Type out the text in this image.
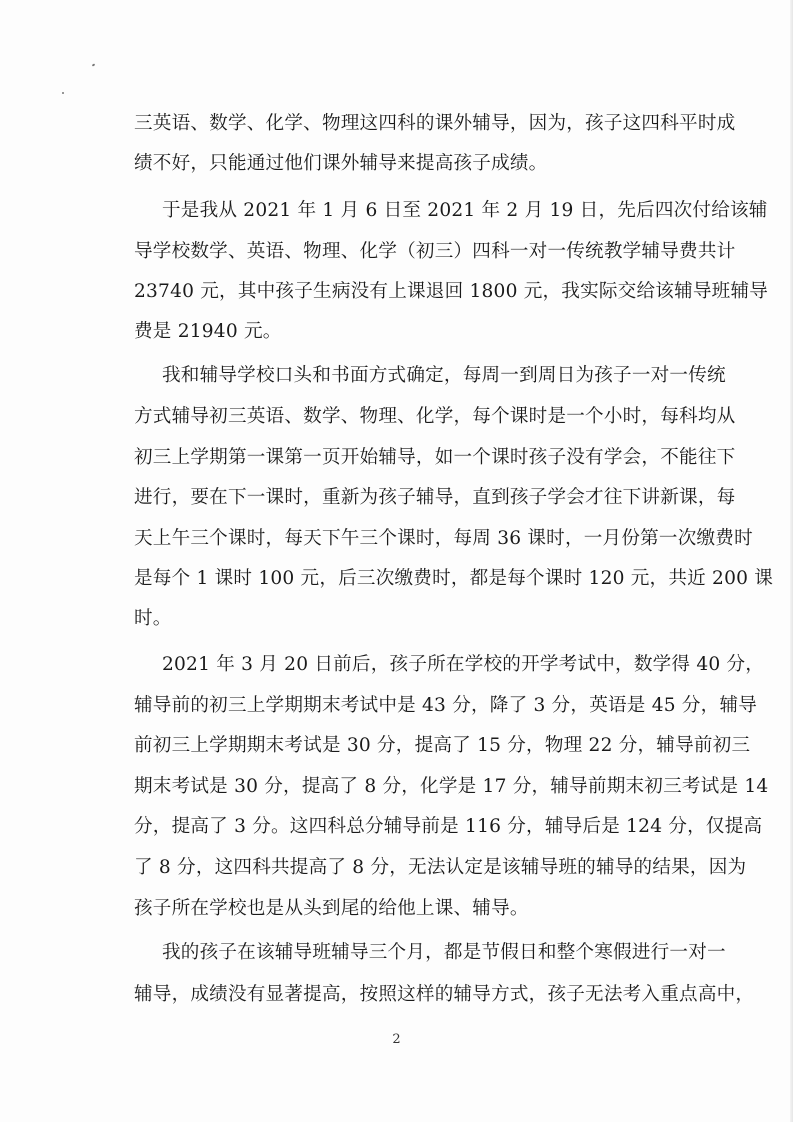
三英语、数学、化学、物理这四科的课外辅导，因为，孩子这四科平时成
绩不好，只能通过他们课外辅导来提高孩子成绩。
于是我从 2021 年 1 月 6 日至 2021 年 2 月 19 日，先后四次付给该辅
导学校数学、英语、物理、化学（初三）四科一对一传统教学辅导费共计
23740 元，其中孩子生病没有上课退回 1800 元，我实际交给该辅导班辅导
费是 21940 元。
我和辅导学校口头和书面方式确定，每周一到周日为孩子一对一传统
方式辅导初三英语、数学、物理、化学，每个课时是一个小时，每科均从
初三上学期第一课第一页开始辅导，如一个课时孩子没有学会，不能往下
进行，要在下一课时，重新为孩子辅导，直到孩子学会才往下讲新课，每
天上午三个课时，每天下午三个课时，每周 36 课时，一月份第一次缴费时
是每个 1 课时 100 元，后三次缴费时，都是每个课时 120 元，共近 200 课
时。
2021 年 3 月 20 日前后，孩子所在学校的开学考试中，数学得 40 分，
辅导前的初三上学期期末考试中是 43 分，降了 3 分，英语是 45 分，辅导
前初三上学期期末考试是 30 分，提高了 15 分，物理 22 分，辅导前初三
期末考试是 30 分，提高了 8 分，化学是 17 分，辅导前期末初三考试是 14
分，提高了 3 分。这四科总分辅导前是 116 分，辅导后是 124 分，仅提高
了 8 分，这四科共提高了 8 分，无法认定是该辅导班的辅导的结果，因为
孩子所在学校也是从头到尾的给他上课、辅导。
我的孩子在该辅导班辅导三个月，都是节假日和整个寒假进行一对一
辅导，成绩没有显著提高，按照这样的辅导方式，孩子无法考入重点高中，
2
